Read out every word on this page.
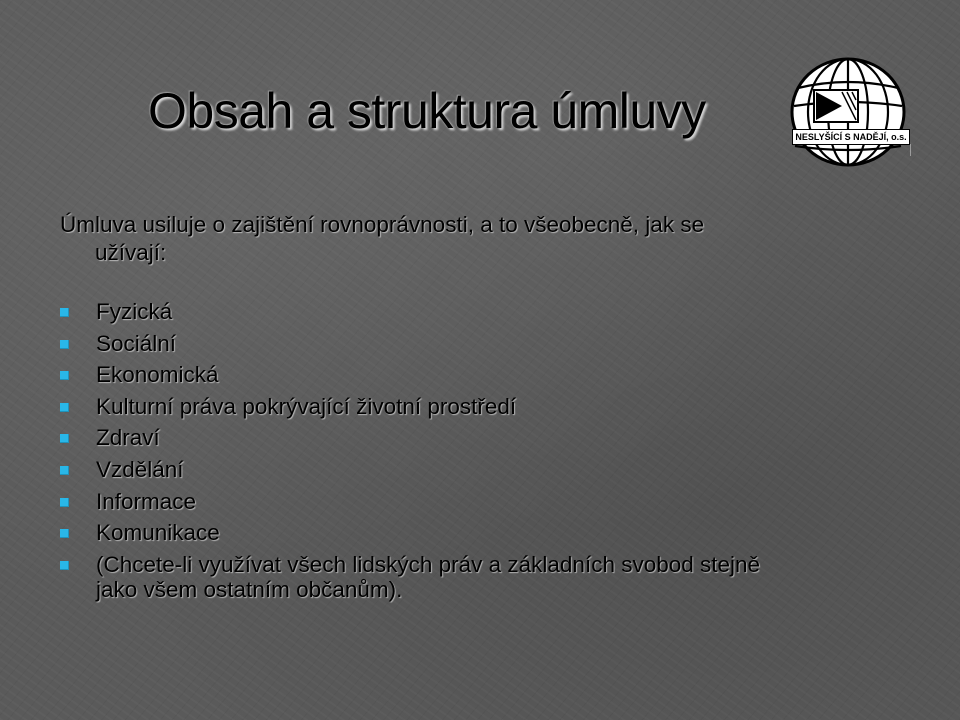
Obsah a struktura úmluvy	NESLYŠÍCÍ S NADĚJÍ, o.s.

Úmluva usiluje o zajištění rovnoprávnosti, a to všeobecně, jak se
užívají:

Fyzická
Sociální
Ekonomická
Kulturní práva pokrývající životní prostředí
Zdraví
Vzdělání
Informace
Komunikace
(Chcete-li využívat všech lidských práv a základních svobod stejně
jako všem ostatním občanům).
